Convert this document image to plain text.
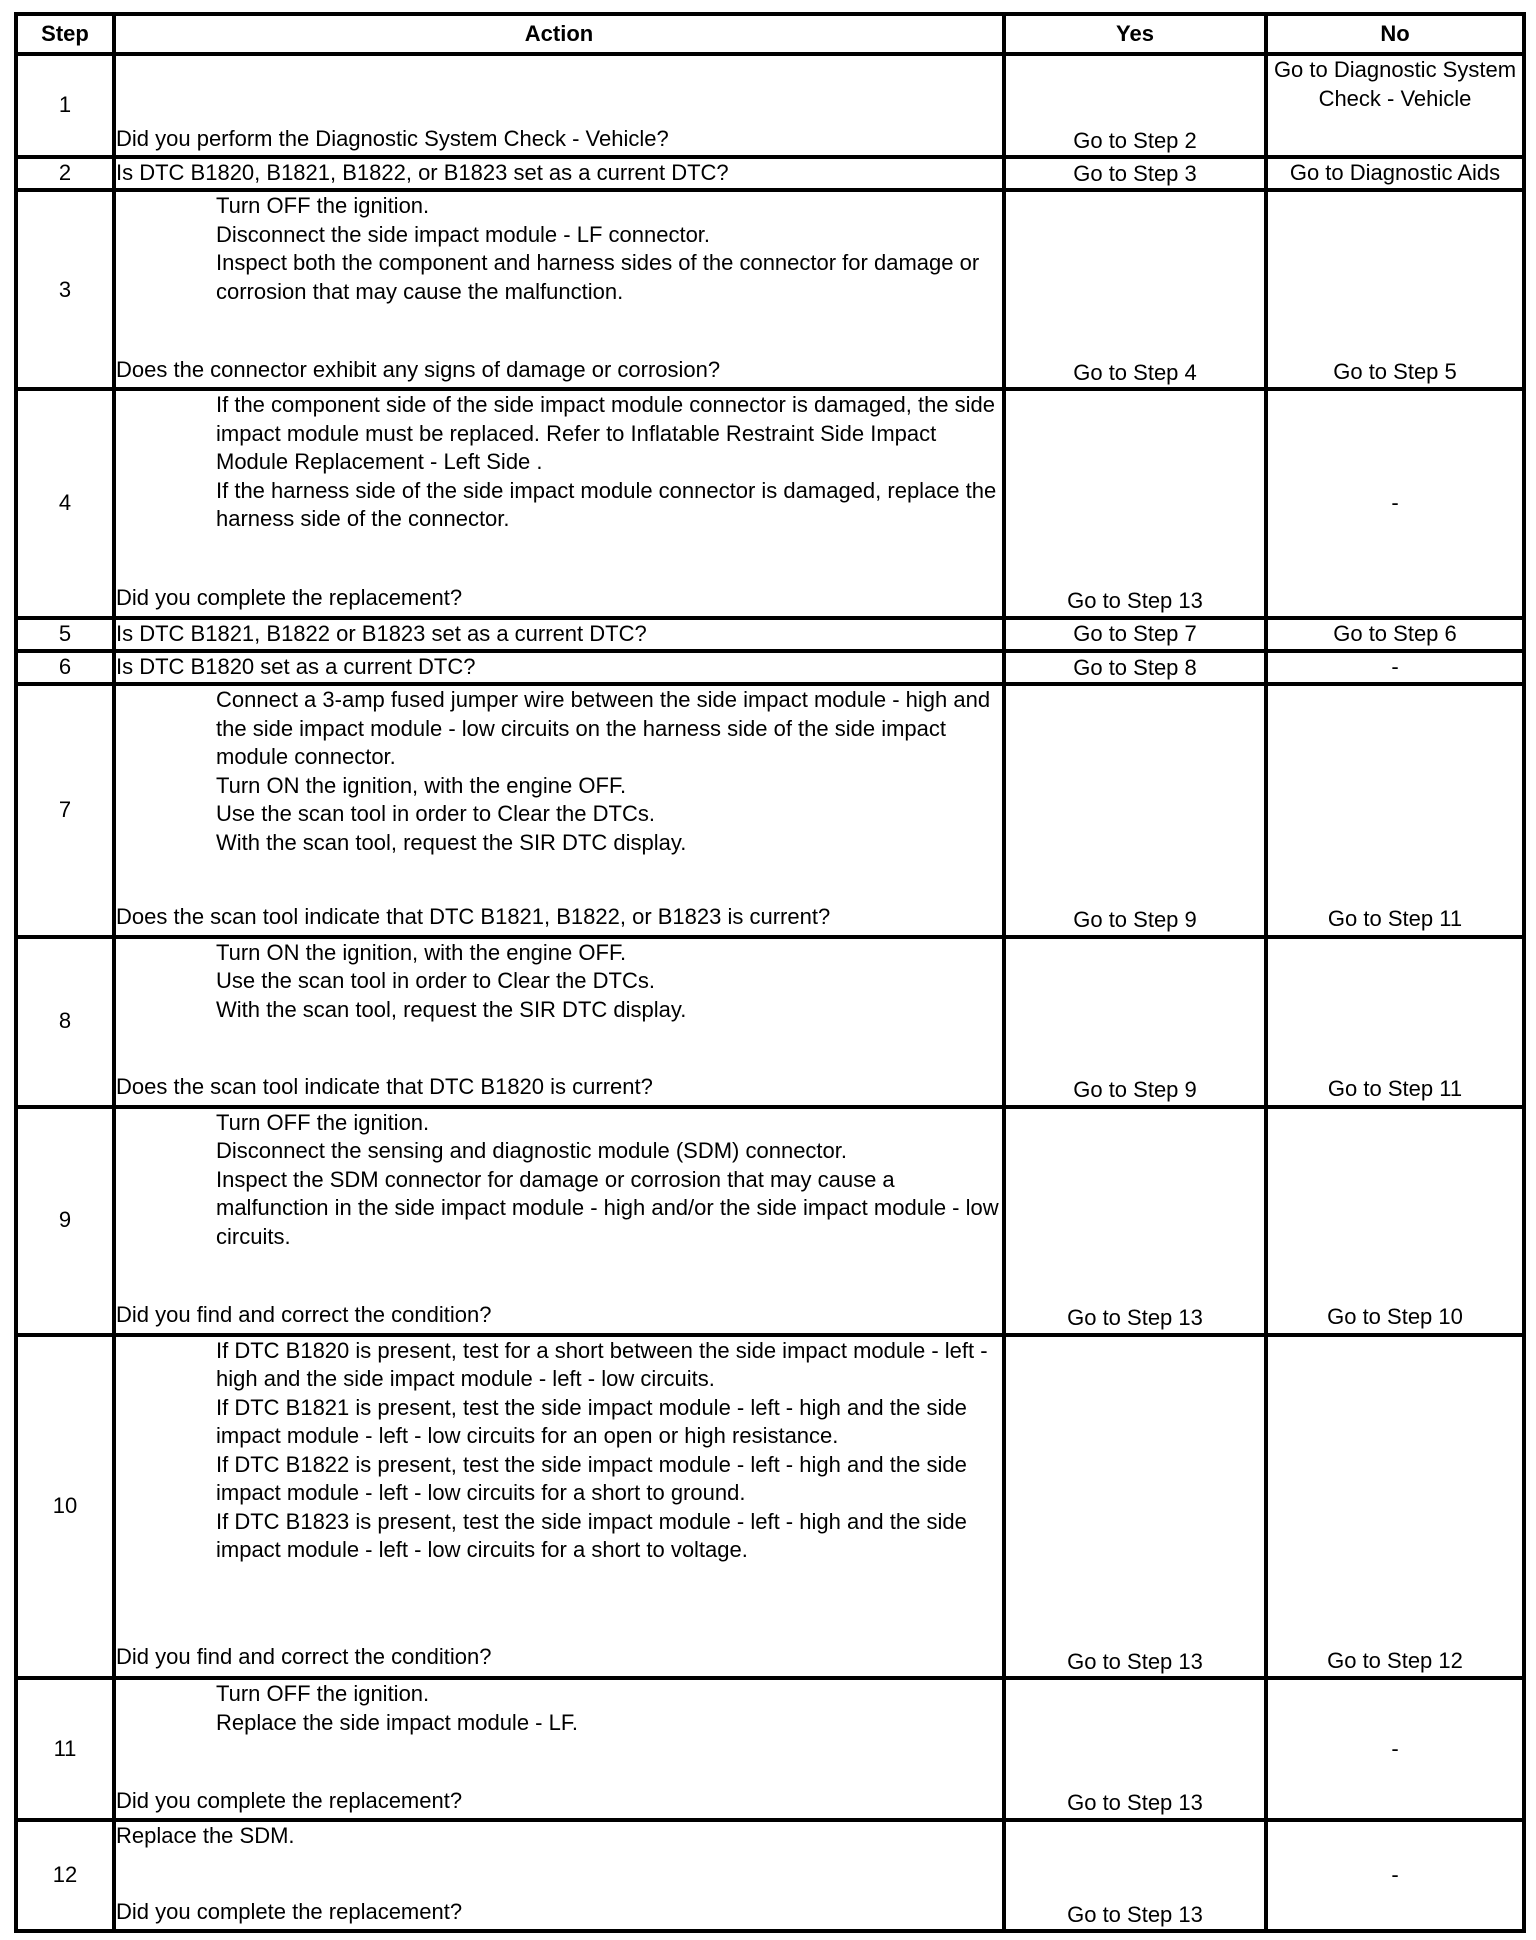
Step	Action	Yes	No
1	Did you perform the Diagnostic System Check - Vehicle?	Go to Step 2	Go to Diagnostic System Check - Vehicle
2	Is DTC B1820, B1821, B1822, or B1823 set as a current DTC?	Go to Step 3	Go to Diagnostic Aids
3	Turn OFF the ignition.
Disconnect the side impact module - LF connector.
Inspect both the component and harness sides of the connector for damage or corrosion that may cause the malfunction.
Does the connector exhibit any signs of damage or corrosion?	Go to Step 4	Go to Step 5
4	If the component side of the side impact module connector is damaged, the side impact module must be replaced. Refer to Inflatable Restraint Side Impact Module Replacement - Left Side .
If the harness side of the side impact module connector is damaged, replace the harness side of the connector.
Did you complete the replacement?	Go to Step 13	-
5	Is DTC B1821, B1822 or B1823 set as a current DTC?	Go to Step 7	Go to Step 6
6	Is DTC B1820 set as a current DTC?	Go to Step 8	-
7	Connect a 3-amp fused jumper wire between the side impact module - high and the side impact module - low circuits on the harness side of the side impact module connector.
Turn ON the ignition, with the engine OFF.
Use the scan tool in order to Clear the DTCs.
With the scan tool, request the SIR DTC display.
Does the scan tool indicate that DTC B1821, B1822, or B1823 is current?	Go to Step 9	Go to Step 11
8	Turn ON the ignition, with the engine OFF.
Use the scan tool in order to Clear the DTCs.
With the scan tool, request the SIR DTC display.
Does the scan tool indicate that DTC B1820 is current?	Go to Step 9	Go to Step 11
9	Turn OFF the ignition.
Disconnect the sensing and diagnostic module (SDM) connector.
Inspect the SDM connector for damage or corrosion that may cause a malfunction in the side impact module - high and/or the side impact module - low circuits.
Did you find and correct the condition?	Go to Step 13	Go to Step 10
10	If DTC B1820 is present, test for a short between the side impact module - left - high and the side impact module - left - low circuits.
If DTC B1821 is present, test the side impact module - left - high and the side impact module - left - low circuits for an open or high resistance.
If DTC B1822 is present, test the side impact module - left - high and the side impact module - left - low circuits for a short to ground.
If DTC B1823 is present, test the side impact module - left - high and the side impact module - left - low circuits for a short to voltage.
Did you find and correct the condition?	Go to Step 13	Go to Step 12
11	Turn OFF the ignition.
Replace the side impact module - LF.
Did you complete the replacement?	Go to Step 13	-
12	Replace the SDM.
Did you complete the replacement?	Go to Step 13	-
